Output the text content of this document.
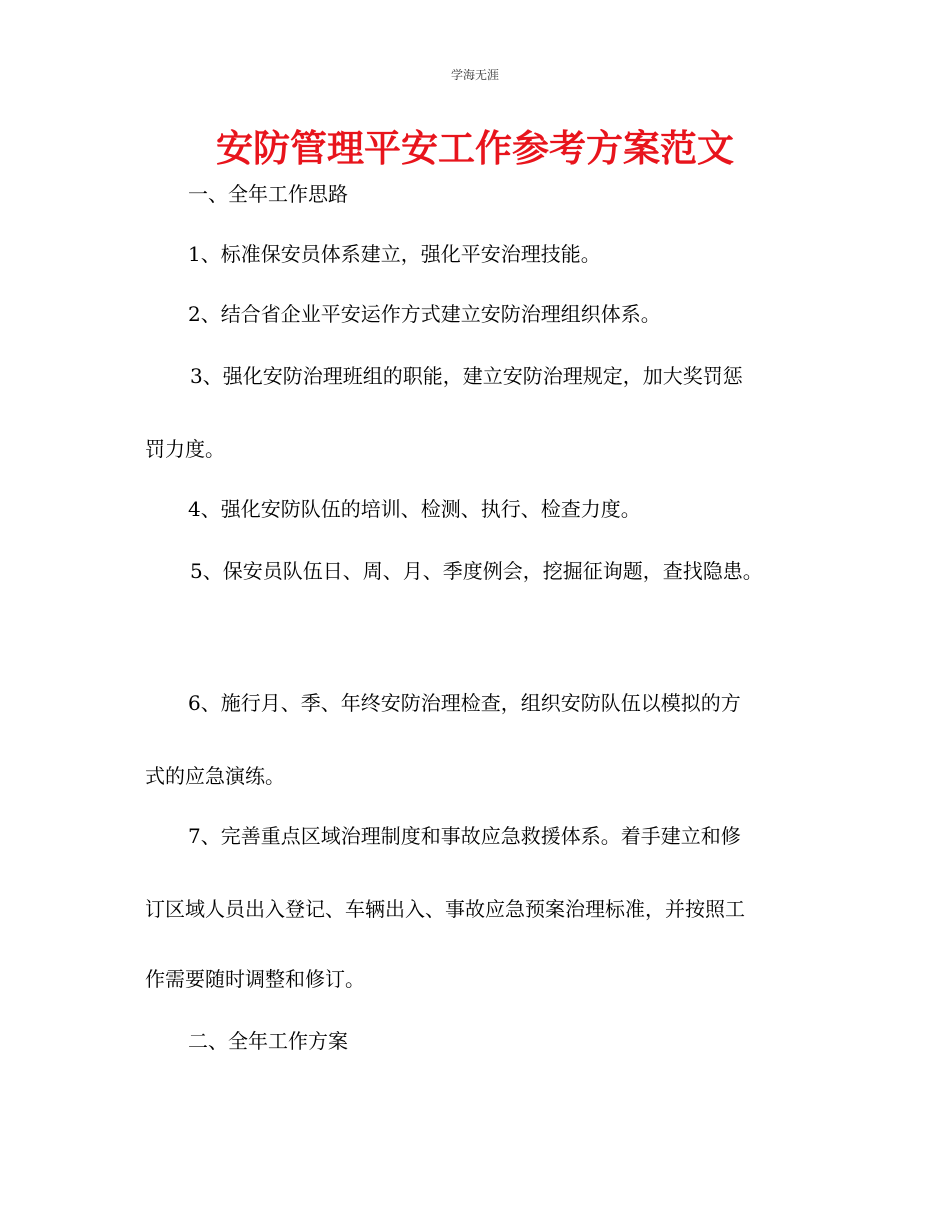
学海无涯
安防管理平安工作参考方案范文
一、全年工作思路
1、标准保安员体系建立，强化平安治理技能。
2、结合省企业平安运作方式建立安防治理组织体系。
3、强化安防治理班组的职能，建立安防治理规定，加大奖罚惩
罚力度。
4、强化安防队伍的培训、检测、执行、检查力度。
5、保安员队伍日、周、月、季度例会，挖掘征询题，查找隐患。
6、施行月、季、年终安防治理检查，组织安防队伍以模拟的方
式的应急演练。
7、完善重点区域治理制度和事故应急救援体系。着手建立和修
订区域人员出入登记、车辆出入、事故应急预案治理标准，并按照工
作需要随时调整和修订。
二、全年工作方案
